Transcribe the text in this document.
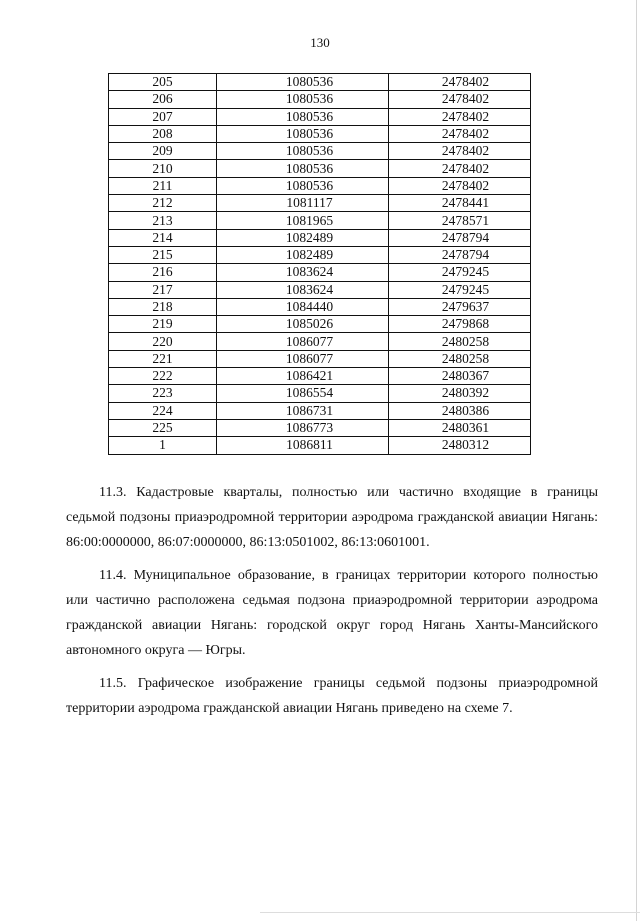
130
205	1080536	2478402
206	1080536	2478402
207	1080536	2478402
208	1080536	2478402
209	1080536	2478402
210	1080536	2478402
211	1080536	2478402
212	1081117	2478441
213	1081965	2478571
214	1082489	2478794
215	1082489	2478794
216	1083624	2479245
217	1083624	2479245
218	1084440	2479637
219	1085026	2479868
220	1086077	2480258
221	1086077	2480258
222	1086421	2480367
223	1086554	2480392
224	1086731	2480386
225	1086773	2480361
1	1086811	2480312

11.3. Кадастровые кварталы, полностью или частично входящие в границы седьмой подзоны приаэродромной территории аэродрома гражданской авиации Нягань: 86:00:0000000, 86:07:0000000, 86:13:0501002, 86:13:0601001.

11.4. Муниципальное образование, в границах территории которого полностью или частично расположена седьмая подзона приаэродромной территории аэродрома гражданской авиации Нягань: городской округ город Нягань Ханты-Мансийского автономного округа — Югры.

11.5. Графическое изображение границы седьмой подзоны приаэродромной территории аэродрома гражданской авиации Нягань приведено на схеме 7.
